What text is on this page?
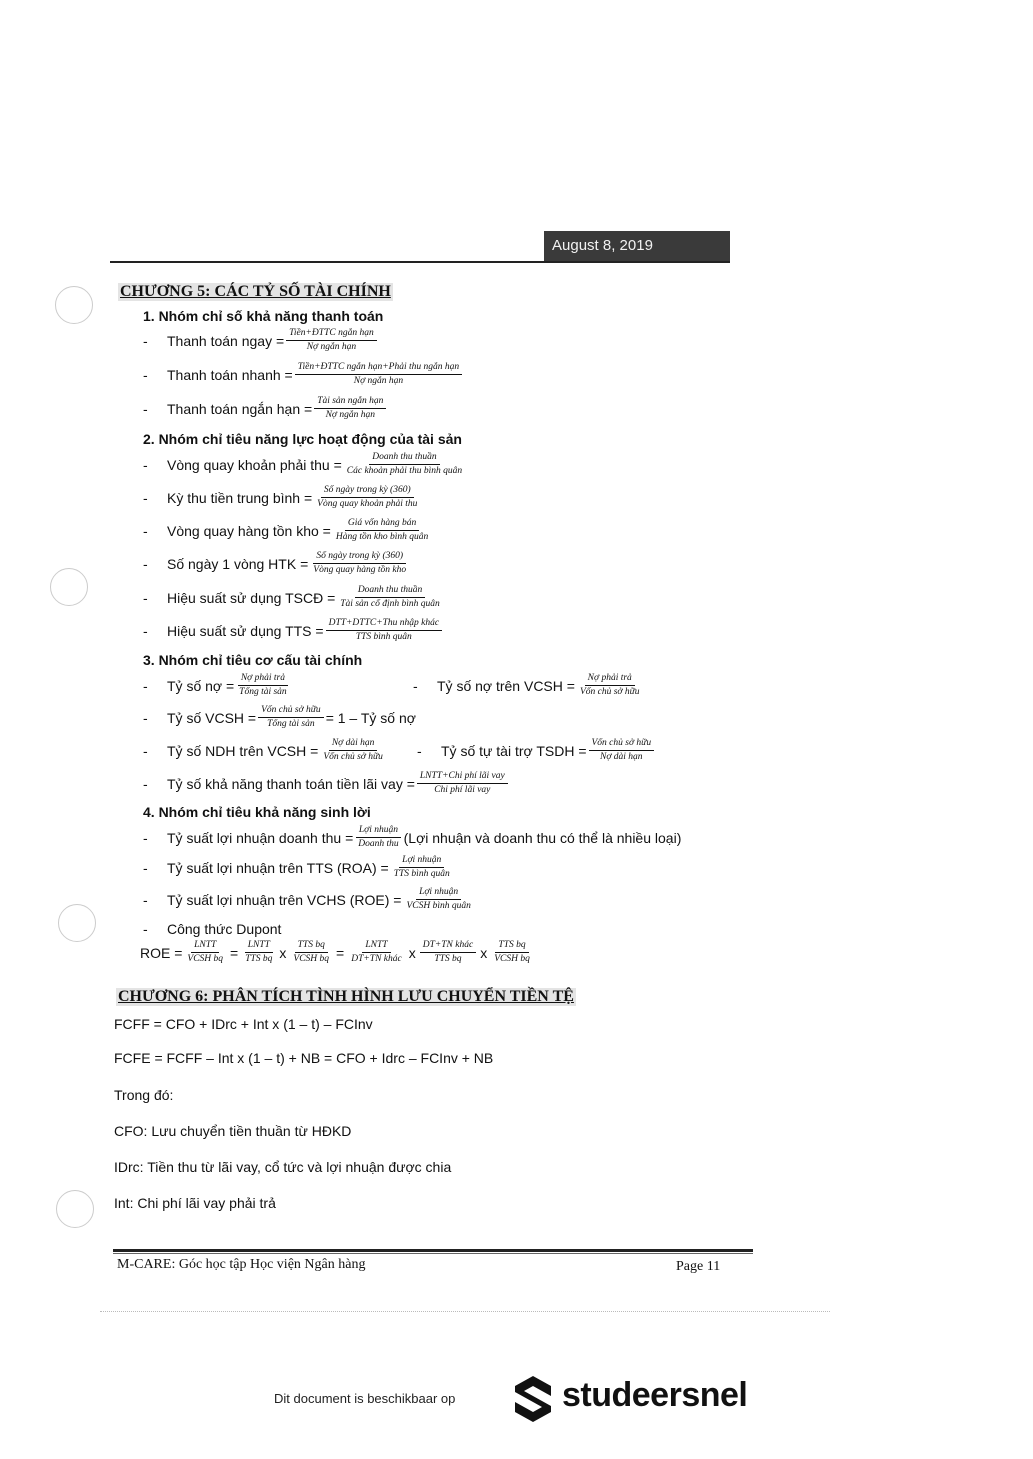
August 8, 2019
CHƯƠNG 5: CÁC TỶ SỐ TÀI CHÍNH
1. Nhóm chỉ số khả năng thanh toán
-	Thanh toán ngay = $\frac{\text{Tiền+ĐTTC ngắn hạn}}{\text{Nợ ngắn hạn}}$
-	Thanh toán nhanh = $\frac{\text{Tiền+ĐTTC ngắn hạn+Phải thu ngắn hạn}}{\text{Nợ ngắn hạn}}$
-	Thanh toán ngắn hạn = $\frac{\text{Tài sản ngắn hạn}}{\text{Nợ ngắn hạn}}$
2. Nhóm chỉ tiêu năng lực hoạt động của tài sản
-	Vòng quay khoản phải thu = $\frac{\text{Doanh thu thuần}}{\text{Các khoản phải thu bình quân}}$
-	Kỳ thu tiền trung bình = $\frac{\text{Số ngày trong kỳ (360)}}{\text{Vòng quay khoản phải thu}}$
-	Vòng quay hàng tồn kho = $\frac{\text{Giá vốn hàng bán}}{\text{Hàng tồn kho bình quân}}$
-	Số ngày 1 vòng HTK = $\frac{\text{Số ngày trong kỳ (360)}}{\text{Vòng quay hàng tồn kho}}$
-	Hiệu suất sử dụng TSCĐ = $\frac{\text{Doanh thu thuần}}{\text{Tài sản cố định bình quân}}$
-	Hiệu suất sử dụng TTS = $\frac{\text{DTT+DTTC+Thu nhập khác}}{\text{TTS bình quân}}$
3. Nhóm chỉ tiêu cơ cấu tài chính
-	Tỷ số nợ = $\frac{\text{Nợ phải trả}}{\text{Tổng tài sản}}$	-	Tỷ số nợ trên VCSH = $\frac{\text{Nợ phải trả}}{\text{Vốn chủ sở hữu}}$
-	Tỷ số VCSH = $\frac{\text{Vốn chủ sở hữu}}{\text{Tổng tài sản}} = 1$ – Tỷ số nợ
-	Tỷ số NDH trên VCSH = $\frac{\text{Nợ dài hạn}}{\text{Vốn chủ sở hữu}}$ -	Tỷ số tự tài trợ TSDH = $\frac{\text{Vốn chủ sở hữu}}{\text{Nợ dài hạn}}$
-	Tỷ số khả năng thanh toán tiền lãi vay = $\frac{\text{LNTT+Chi phí lãi vay}}{\text{Chi phí lãi vay}}$
4. Nhóm chỉ tiêu khả năng sinh lời
-	Tỷ suất lợi nhuận doanh thu = $\frac{\text{Lợi nhuận}}{\text{Doanh thu}}$ (Lợi nhuận và doanh thu có thể là nhiều loại)
-	Tỷ suất lợi nhuận trên TTS $(ROA) = \frac{\text{Lợi nhuận}}{\text{TTS bình quân}}$
-	Tỷ suất lợi nhuận trên VCHS $(ROE) = \frac{\text{Lợi nhuận}}{\text{VCSH bình quân}}$
-	Công thức Dupont
ROE = $\frac{\text{LNTT}}{\text{VCSH bq}} = \frac{\text{LNTT}}{\text{TTS bq}}$ x $\frac{\text{TTS bq}}{\text{VCSH bq}} = \frac{\text{LNTT}}{\text{DT+TN khác}}$ x $\frac{\text{DT+TN khác}}{\text{TTS bq}}$ x $\frac{\text{TTS bq}}{\text{VCSH bq}}$
CHƯƠNG 6: PHÂN TÍCH TÌNH HÌNH LƯU CHUYỂN TIỀN TỆ
FCFF = CFO + IDrc + Int x (1 – t) – FCInv
FCFE = FCFF – Int x (1 – t) + NB = CFO + Idrc – FCInv + NB
Trong đó:
CFO: Lưu chuyển tiền thuần từ HĐKD
IDrc: Tiền thu từ lãi vay, cổ tức và lợi nhuận được chia
Int: Chi phí lãi vay phải trả
M-CARE: Góc học tập Học viện Ngân hàng	Page 11
Dit document is beschikbaar op	studeersnel
